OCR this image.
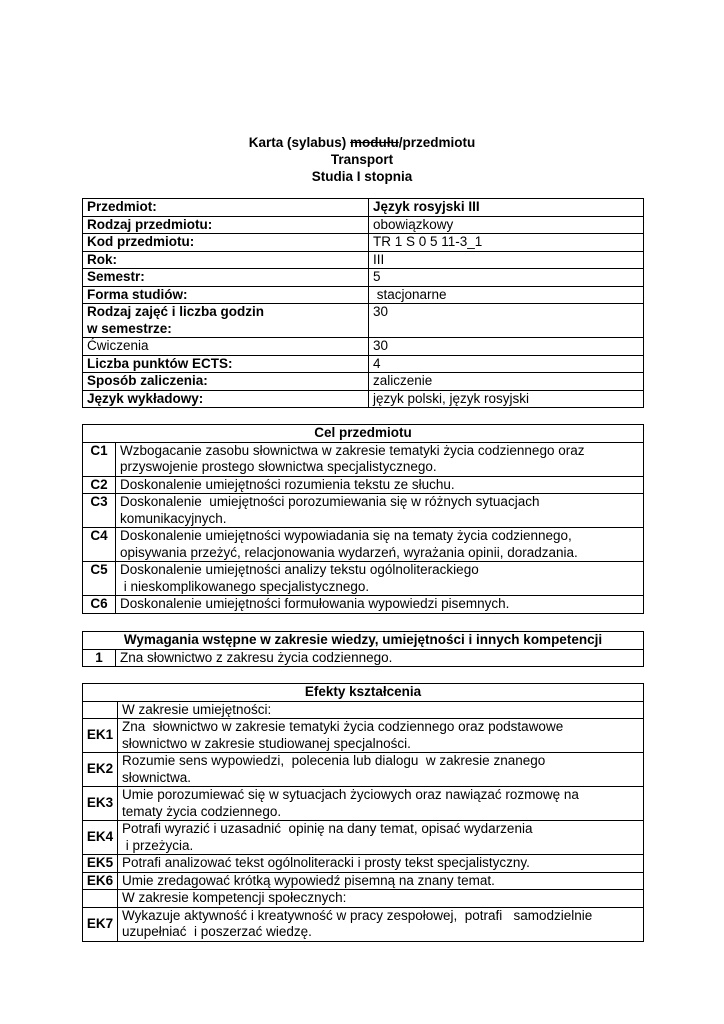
Karta (sylabus) modułu/przedmiotu
Transport
Studia I stopnia
Przedmiot:	Język rosyjski III
Rodzaj przedmiotu:	obowiązkowy
Kod przedmiotu:	TR 1 S 0 5 11-3_1
Rok:	III
Semestr:	5
Forma studiów:	stacjonarne

Rodzaj zajęć i liczba godzin
w semestrze:	30
Ćwiczenia	30
Liczba punktów ECTS:	4
Sposób zaliczenia:	zaliczenie
Język wykładowy:	język polski, język rosyjski
Cel przedmiotu	
C1	Wzbogacanie zasobu słownictwa w zakresie tematyki życia codziennego oraz
przyswojenie prostego słownictwa specjalistycznego.

C2	Doskonalenie umiejętności rozumienia tekstu ze słuchu.

C3	Doskonalenie  umiejętności porozumiewania się w różnych sytuacjach
komunikacyjnych.

C4	Doskonalenie umiejętności wypowiadania się na tematy życia codziennego,
opisywania przeżyć, relacjonowania wydarzeń, wyrażania opinii, doradzania.

C5	Doskonalenie umiejętności analizy tekstu ogólnoliterackiego
i nieskomplikowanego specjalistycznego.

C6	Doskonalenie umiejętności formułowania wypowiedzi pisemnych.
Wymagania wstępne w zakresie wiedzy, umiejętności i innych kompetencji
1	Zna słownictwo z zakresu życia codziennego.
Efekty kształcenia	
	W zakresie umiejętności:
EK1	Zna  słownictwo w zakresie tematyki życia codziennego oraz podstawowe
słownictwo w zakresie studiowanej specjalności.

EK2	Rozumie sens wypowiedzi,  polecenia lub dialogu  w zakresie znanego
słownictwa.

EK3	Umie porozumiewać się w sytuacjach życiowych oraz nawiązać rozmowę na
tematy życia codziennego.

EK4	Potrafi wyrazić i uzasadnić  opinię na dany temat, opisać wydarzenia
i przeżycia.

EK5	Potrafi analizować tekst ogólnoliteracki i prosty tekst specjalistyczny.

EK6	Umie zredagować krótką wypowiedź pisemną na znany temat.

	W zakresie kompetencji społecznych:
EK7	Wykazuje aktywność i kreatywność w pracy zespołowej,  potrafi   samodzielnie
uzupełniać  i poszerzać wiedzę.
